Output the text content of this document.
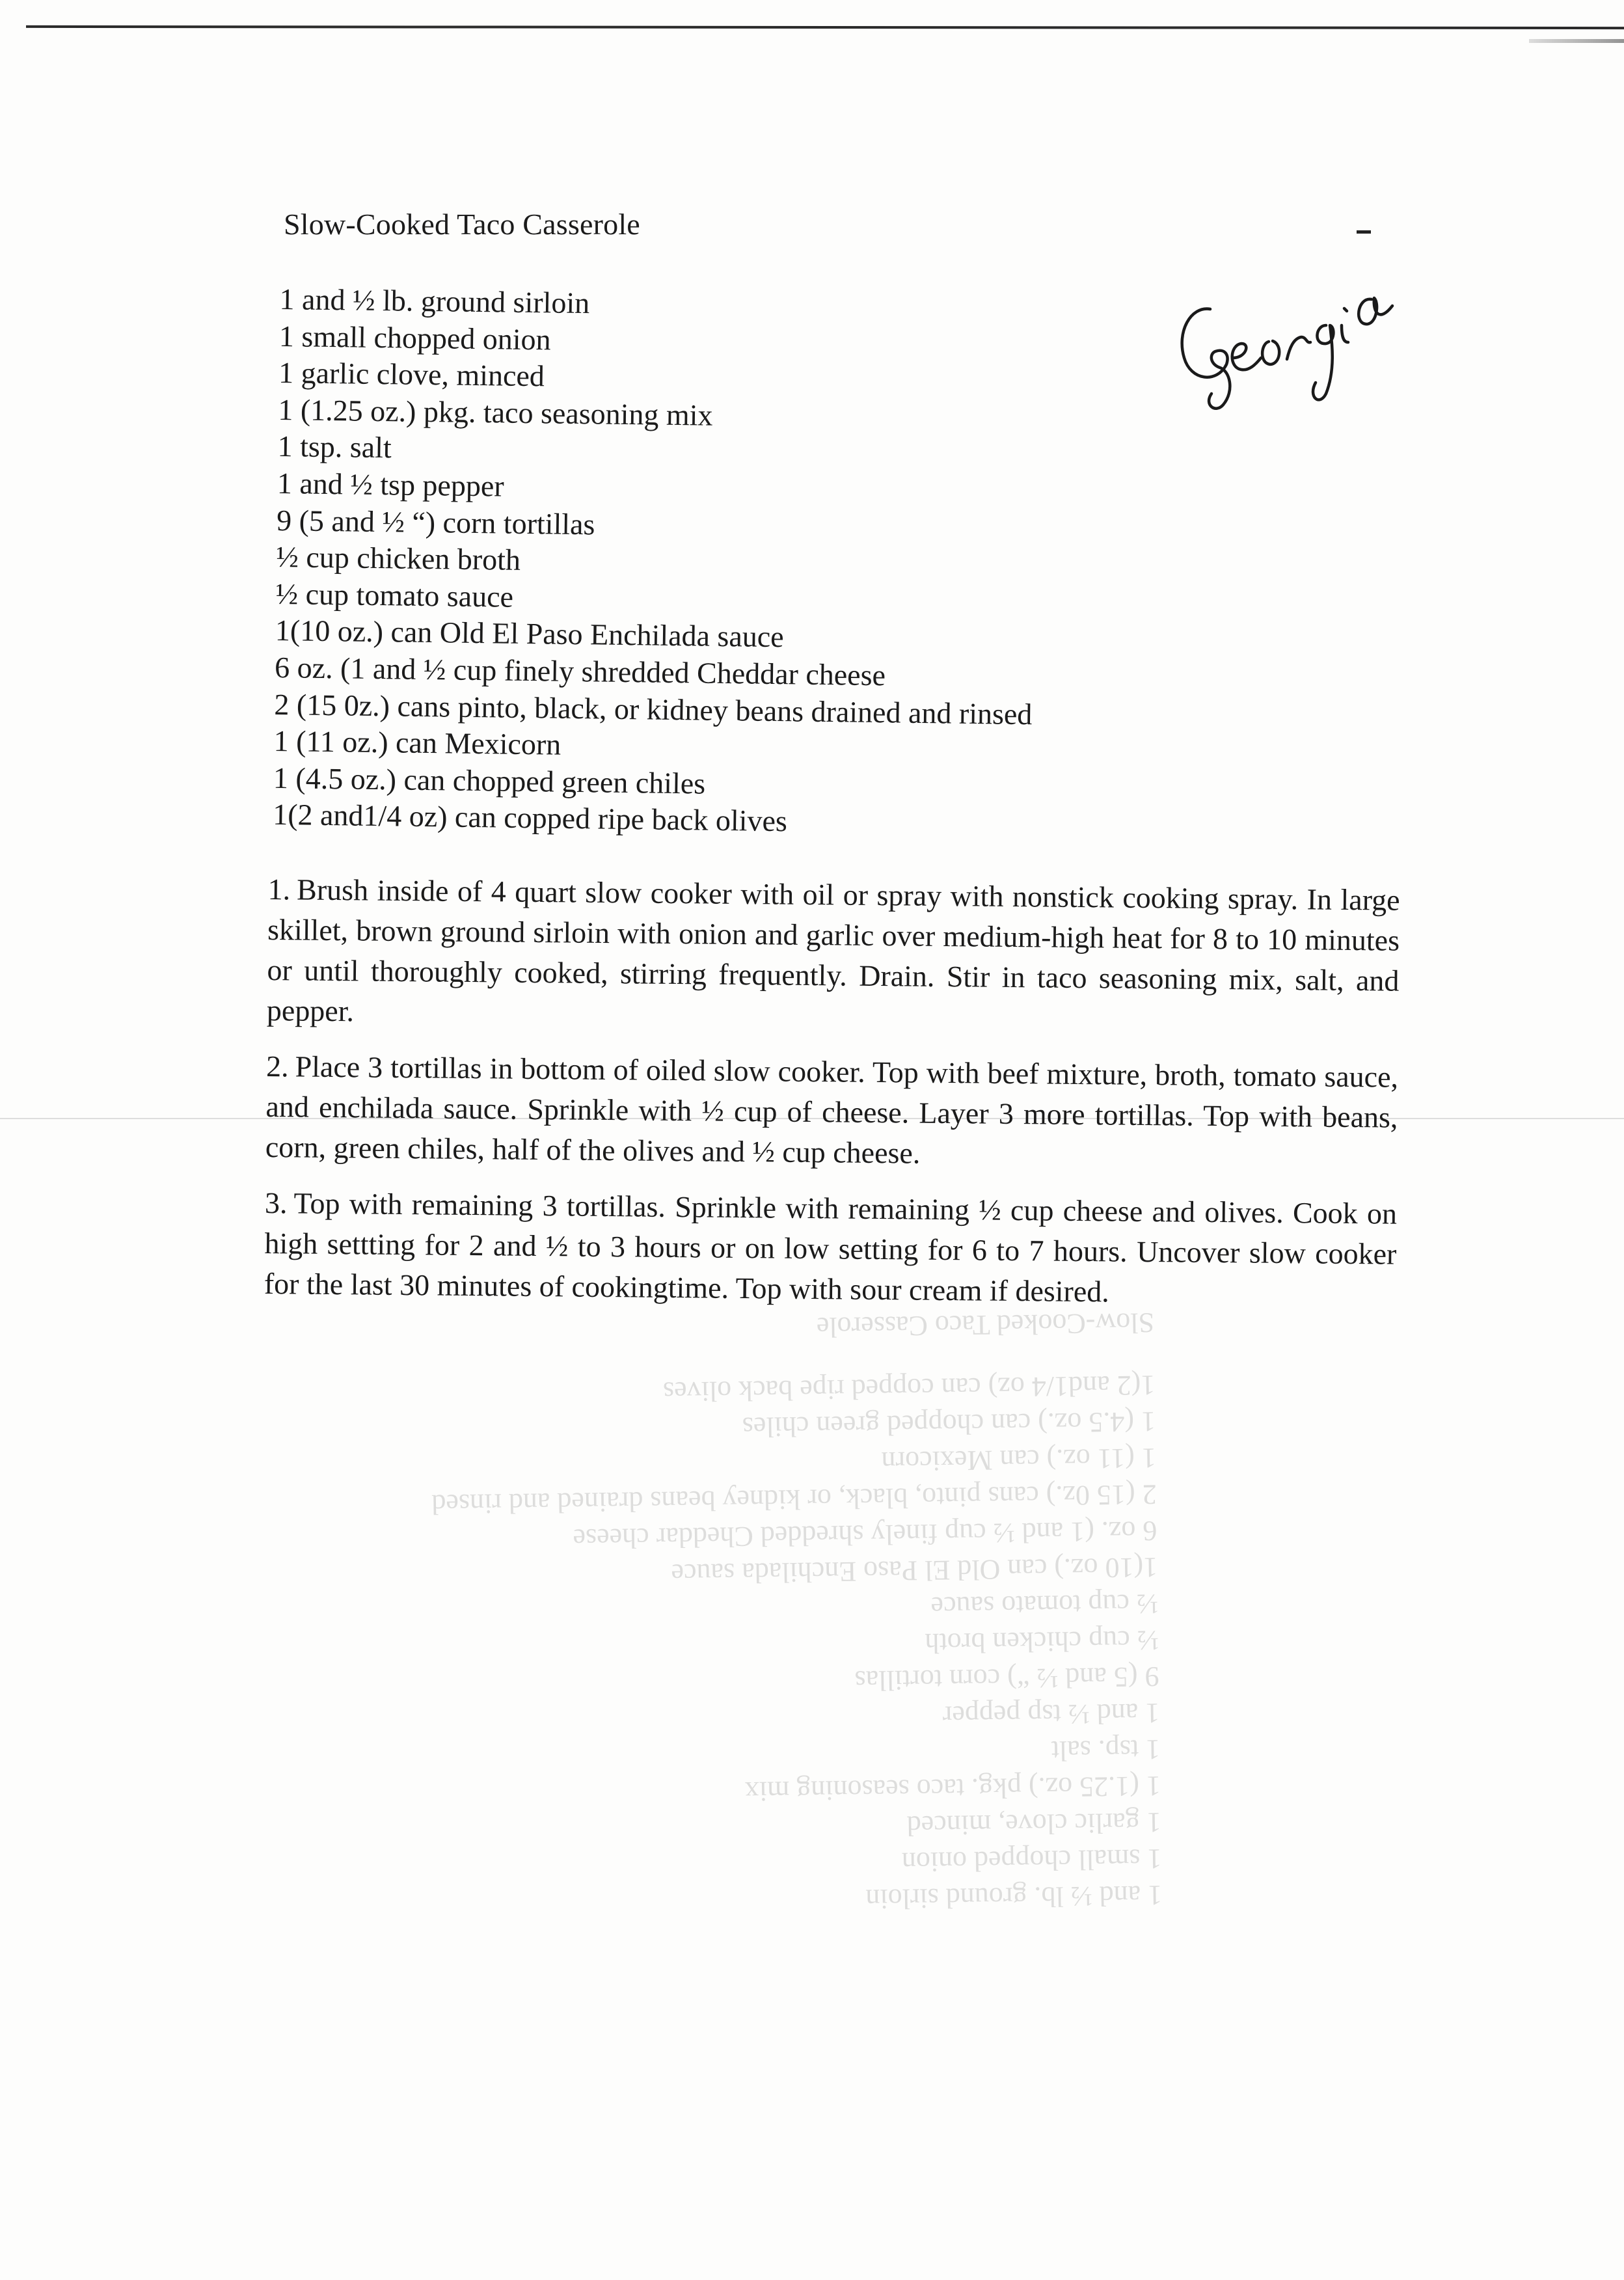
Slow-Cooked Taco Casserole
1 and ½ lb. ground sirloin
1 small chopped onion
1 garlic clove, minced
1 (1.25 oz.) pkg. taco seasoning mix
1 tsp. salt
1 and ½ tsp pepper
9 (5 and ½ “) corn tortillas
½ cup chicken broth
½ cup tomato sauce
1(10 oz.) can Old El Paso Enchilada sauce
6 oz. (1 and ½ cup finely shredded Cheddar cheese
2 (15 0z.) cans pinto, black, or kidney beans drained and rinsed
1 (11 oz.) can Mexicorn
1 (4.5 oz.) can chopped green chiles
1(2 and1/4 oz) can copped ripe back olives

1. Brush inside of 4 quart slow cooker with oil or spray with nonstick cooking spray. In large skillet, brown ground sirloin with onion and garlic over medium-high heat for 8 to 10 minutes or until thoroughly cooked, stirring frequently. Drain. Stir in taco seasoning mix, salt, and pepper.

2. Place 3 tortillas in bottom of oiled slow cooker. Top with beef mixture, broth, tomato sauce, and enchilada sauce. Sprinkle with ½ cup of cheese. Layer 3 more tortillas. Top with beans, corn, green chiles, half of the olives and ½ cup cheese.

3. Top with remaining 3 tortillas. Sprinkle with remaining ½ cup cheese and olives. Cook on high settting for 2 and ½ to 3 hours or on low setting for 6 to 7 hours. Uncover slow cooker for the last 30 minutes of cookingtime. Top with sour cream if desired.

1 and ½ lb. ground sirloin
1 small chopped onion
1 garlic clove, minced
1 (1.25 oz.) pkg. taco seasoning mix
1 tsp. salt
1 and ½ tsp pepper
9 (5 and ½ “) corn tortillas
½ cup chicken broth
½ cup tomato sauce
1(10 oz.) can Old El Paso Enchilada sauce
6 oz. (1 and ½ cup finely shredded Cheddar cheese
2 (15 0z.) cans pinto, black, or kidney beans drained and rinsed
1 (11 oz.) can Mexicorn
1 (4.5 oz.) can chopped green chiles
1(2 and1/4 oz) can copped ripe back olives
Slow-Cooked Taco Casserole
